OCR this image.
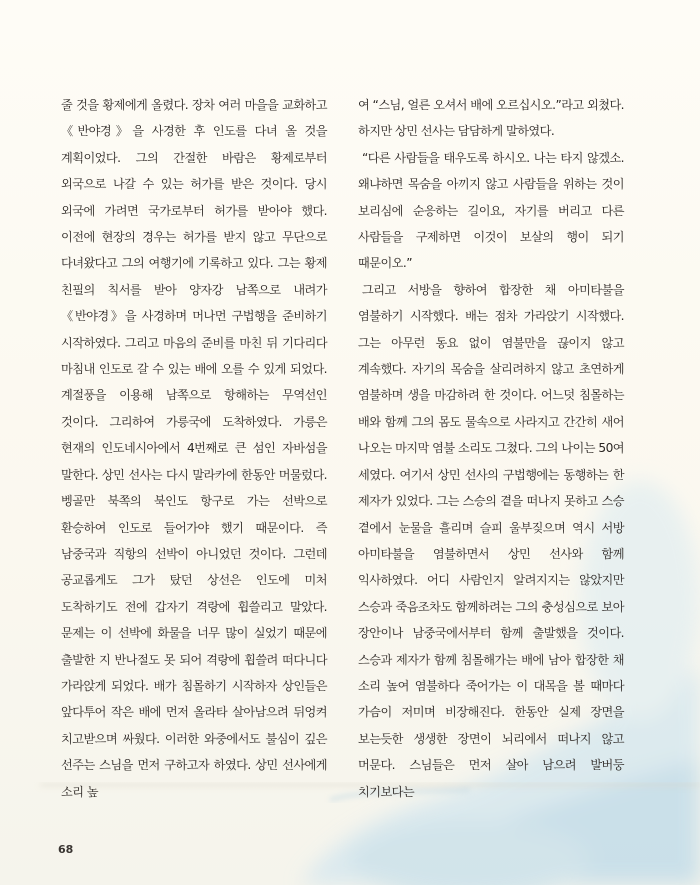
줄 것을 황제에게 올렸다. 장차 여러 마을을 교화하고 《반야경》을 사경한 후 인도를 다녀 올 것을 계획이었다. 그의 간절한 바람은 황제로부터 외국으로 나갈 수 있는 허가를 받은 것이다. 당시 외국에 가려면 국가로부터 허가를 받아야 했다. 이전에 현장의 경우는 허가를 받지 않고 무단으로 다녀왔다고 그의 여행기에 기록하고 있다. 그는 황제 친필의 칙서를 받아 양자강 남쪽으로 내려가 《반야경》을 사경하며 머나먼 구법행을 준비하기 시작하였다. 그리고 마음의 준비를 마친 뒤 기다리다 마침내 인도로 갈 수 있는 배에 오를 수 있게 되었다. 계절풍을 이용해 남쪽으로 항해하는 무역선인 것이다. 그리하여 가릉국에 도착하였다. 가릉은 현재의 인도네시아에서 4번째로 큰 섬인 자바섬을 말한다. 상민 선사는 다시 말라카에 한동안 머물렀다. 벵골만 북쪽의 북인도 항구로 가는 선박으로 환승하여 인도로 들어가야 했기 때문이다. 즉 남중국과 직항의 선박이 아니었던 것이다. 그런데 공교롭게도 그가 탔던 상선은 인도에 미처 도착하기도 전에 갑자기 격랑에 휩쓸리고 말았다. 문제는 이 선박에 화물을 너무 많이 실었기 때문에 출발한 지 반나절도 못 되어 격랑에 휩쓸려 떠다니다 가라앉게 되었다. 배가 침몰하기 시작하자 상인들은 앞다투어 작은 배에 먼저 올라타 살아남으려 뒤엉켜 치고받으며 싸웠다. 이러한 와중에서도 불심이 깊은 선주는 스님을 먼저 구하고자 하였다. 상민 선사에게 소리 높

여 “스님, 얼른 오셔서 배에 오르십시오.”라고 외쳤다. 하지만 상민 선사는 담담하게 말하였다.

“다른 사람들을 태우도록 하시오. 나는 타지 않겠소. 왜냐하면 목숨을 아끼지 않고 사람들을 위하는 것이 보리심에 순응하는 길이요, 자기를 버리고 다른 사람들을 구제하면 이것이 보살의 행이 되기 때문이오.”

그리고 서방을 향하여 합장한 채 아미타불을 염불하기 시작했다. 배는 점차 가라앉기 시작했다. 그는 아무런 동요 없이 염불만을 끊이지 않고 계속했다. 자기의 목숨을 살리려하지 않고 초연하게 염불하며 생을 마감하려 한 것이다. 어느덧 침몰하는 배와 함께 그의 몸도 물속으로 사라지고 간간히 새어 나오는 마지막 염불 소리도 그쳤다. 그의 나이는 50여 세였다. 여기서 상민 선사의 구법행에는 동행하는 한 제자가 있었다. 그는 스승의 곁을 떠나지 못하고 스승 곁에서 눈물을 흘리며 슬피 울부짖으며 역시 서방 아미타불을 염불하면서 상민 선사와 함께 익사하였다. 어디 사람인지 알려지지는 않았지만 스승과 죽음조차도 함께하려는 그의 충성심으로 보아 장안이나 남중국에서부터 함께 출발했을 것이다. 스승과 제자가 함께 침몰해가는 배에 남아 합장한 채 소리 높여 염불하다 죽어가는 이 대목을 볼 때마다 가슴이 저미며 비장해진다. 한동안 실제 장면을 보는듯한 생생한 장면이 뇌리에서 떠나지 않고 머문다. 스님들은 먼저 살아 남으려 발버둥 치기보다는

68
